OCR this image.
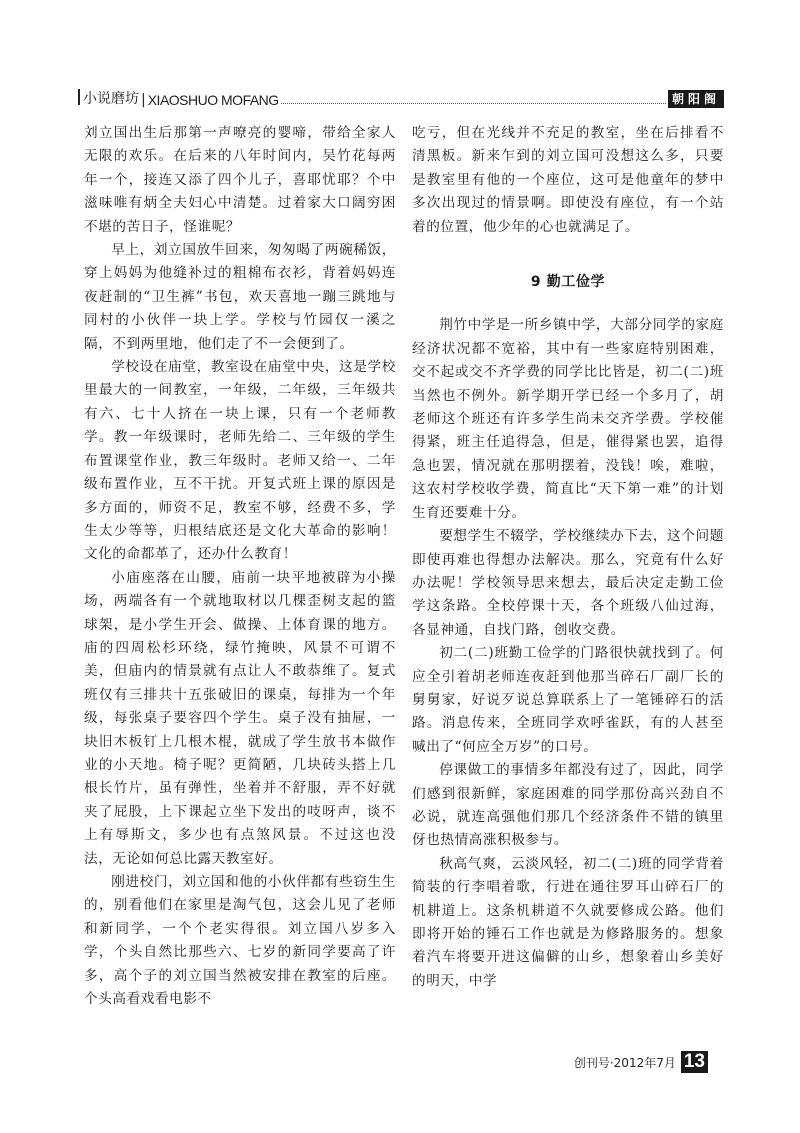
小说磨坊 | XIAOSHUO MOFANG	朝阳阁

刘立国出生后那第一声嘹亮的婴啼，带给全家人无限的欢乐。在后来的八年时间内，吴竹花每两年一个，接连又添了四个儿子，喜耶忧耶？个中滋味唯有炳全夫妇心中清楚。过着家大口阔穷困不堪的苦日子，怪谁呢？

早上，刘立国放牛回来，匆匆喝了两碗稀饭，穿上妈妈为他缝补过的粗棉布衣衫，背着妈妈连夜赶制的“卫生裤”书包，欢天喜地一蹦三跳地与同村的小伙伴一块上学。学校与竹园仅一溪之隔，不到两里地，他们走了不一会便到了。

学校设在庙堂，教室设在庙堂中央，这是学校里最大的一间教室，一年级，二年级，三年级共有六、七十人挤在一块上课，只有一个老师教学。教一年级课时，老师先给二、三年级的学生布置课堂作业，教三年级时。老师又给一、二年级布置作业，互不干扰。开复式班上课的原因是多方面的，师资不足，教室不够，经费不多，学生太少等等，归根结底还是文化大革命的影响！文化的命都革了，还办什么教育！

小庙座落在山腰，庙前一块平地被辟为小操场，两端各有一个就地取材以几棵歪树支起的篮球架，是小学生开会、做操、上体育课的地方。庙的四周松杉环绕，绿竹掩映，风景不可谓不美，但庙内的情景就有点让人不敢恭维了。复式班仅有三排共十五张破旧的课桌，每排为一个年级，每张桌子要容四个学生。桌子没有抽屉，一块旧木板钉上几根木棍，就成了学生放书本做作业的小天地。椅子呢？更简陋，几块砖头搭上几根长竹片，虽有弹性，坐着并不舒服，弄不好就夹了屁股，上下课起立坐下发出的吱呀声，谈不上有辱斯文，多少也有点煞风景。不过这也没法，无论如何总比露天教室好。

刚进校门，刘立国和他的小伙伴都有些窃生生的，别看他们在家里是淘气包，这会儿见了老师和新同学，一个个老实得很。刘立国八岁多入学，个头自然比那些六、七岁的新同学要高了许多，高个子的刘立国当然被安排在教室的后座。个头高看戏看电影不

吃亏，但在光线并不充足的教室，坐在后排看不清黑板。新来乍到的刘立国可没想这么多，只要是教室里有他的一个座位，这可是他童年的梦中多次出现过的情景啊。即使没有座位，有一个站着的位置，他少年的心也就满足了。

9 勤工俭学

荆竹中学是一所乡镇中学，大部分同学的家庭经济状况都不宽裕，其中有一些家庭特别困难，交不起或交不齐学费的同学比比皆是，初二(二)班当然也不例外。新学期开学已经一个多月了，胡老师这个班还有许多学生尚未交齐学费。学校催得紧，班主任追得急，但是，催得紧也罢，追得急也罢，情况就在那明摆着，没钱！唉，难啦，这农村学校收学费，简直比“天下第一难”的计划生育还要难十分。

要想学生不辍学，学校继续办下去，这个问题即使再难也得想办法解决。那么，究竟有什么好办法呢！学校领导思来想去，最后决定走勤工俭学这条路。全校停课十天，各个班级八仙过海，各显神通，自找门路，创收交费。

初二(二)班勤工俭学的门路很快就找到了。何应全引着胡老师连夜赶到他那当碎石厂副厂长的舅舅家，好说歹说总算联系上了一笔锤碎石的活路。消息传来，全班同学欢呼雀跃，有的人甚至喊出了“何应全万岁”的口号。

停课做工的事情多年都没有过了，因此，同学们感到很新鲜，家庭困难的同学那份高兴劲自不必说，就连高强他们那几个经济条件不错的镇里伢也热情高涨积极参与。

秋高气爽，云淡风轻，初二(二)班的同学背着简装的行李唱着歌，行进在通往罗耳山碎石厂的机耕道上。这条机耕道不久就要修成公路。他们即将开始的锤石工作也就是为修路服务的。想象着汽车将要开进这偏僻的山乡，想象着山乡美好的明天，中学

创刊号·2012年7月 13
